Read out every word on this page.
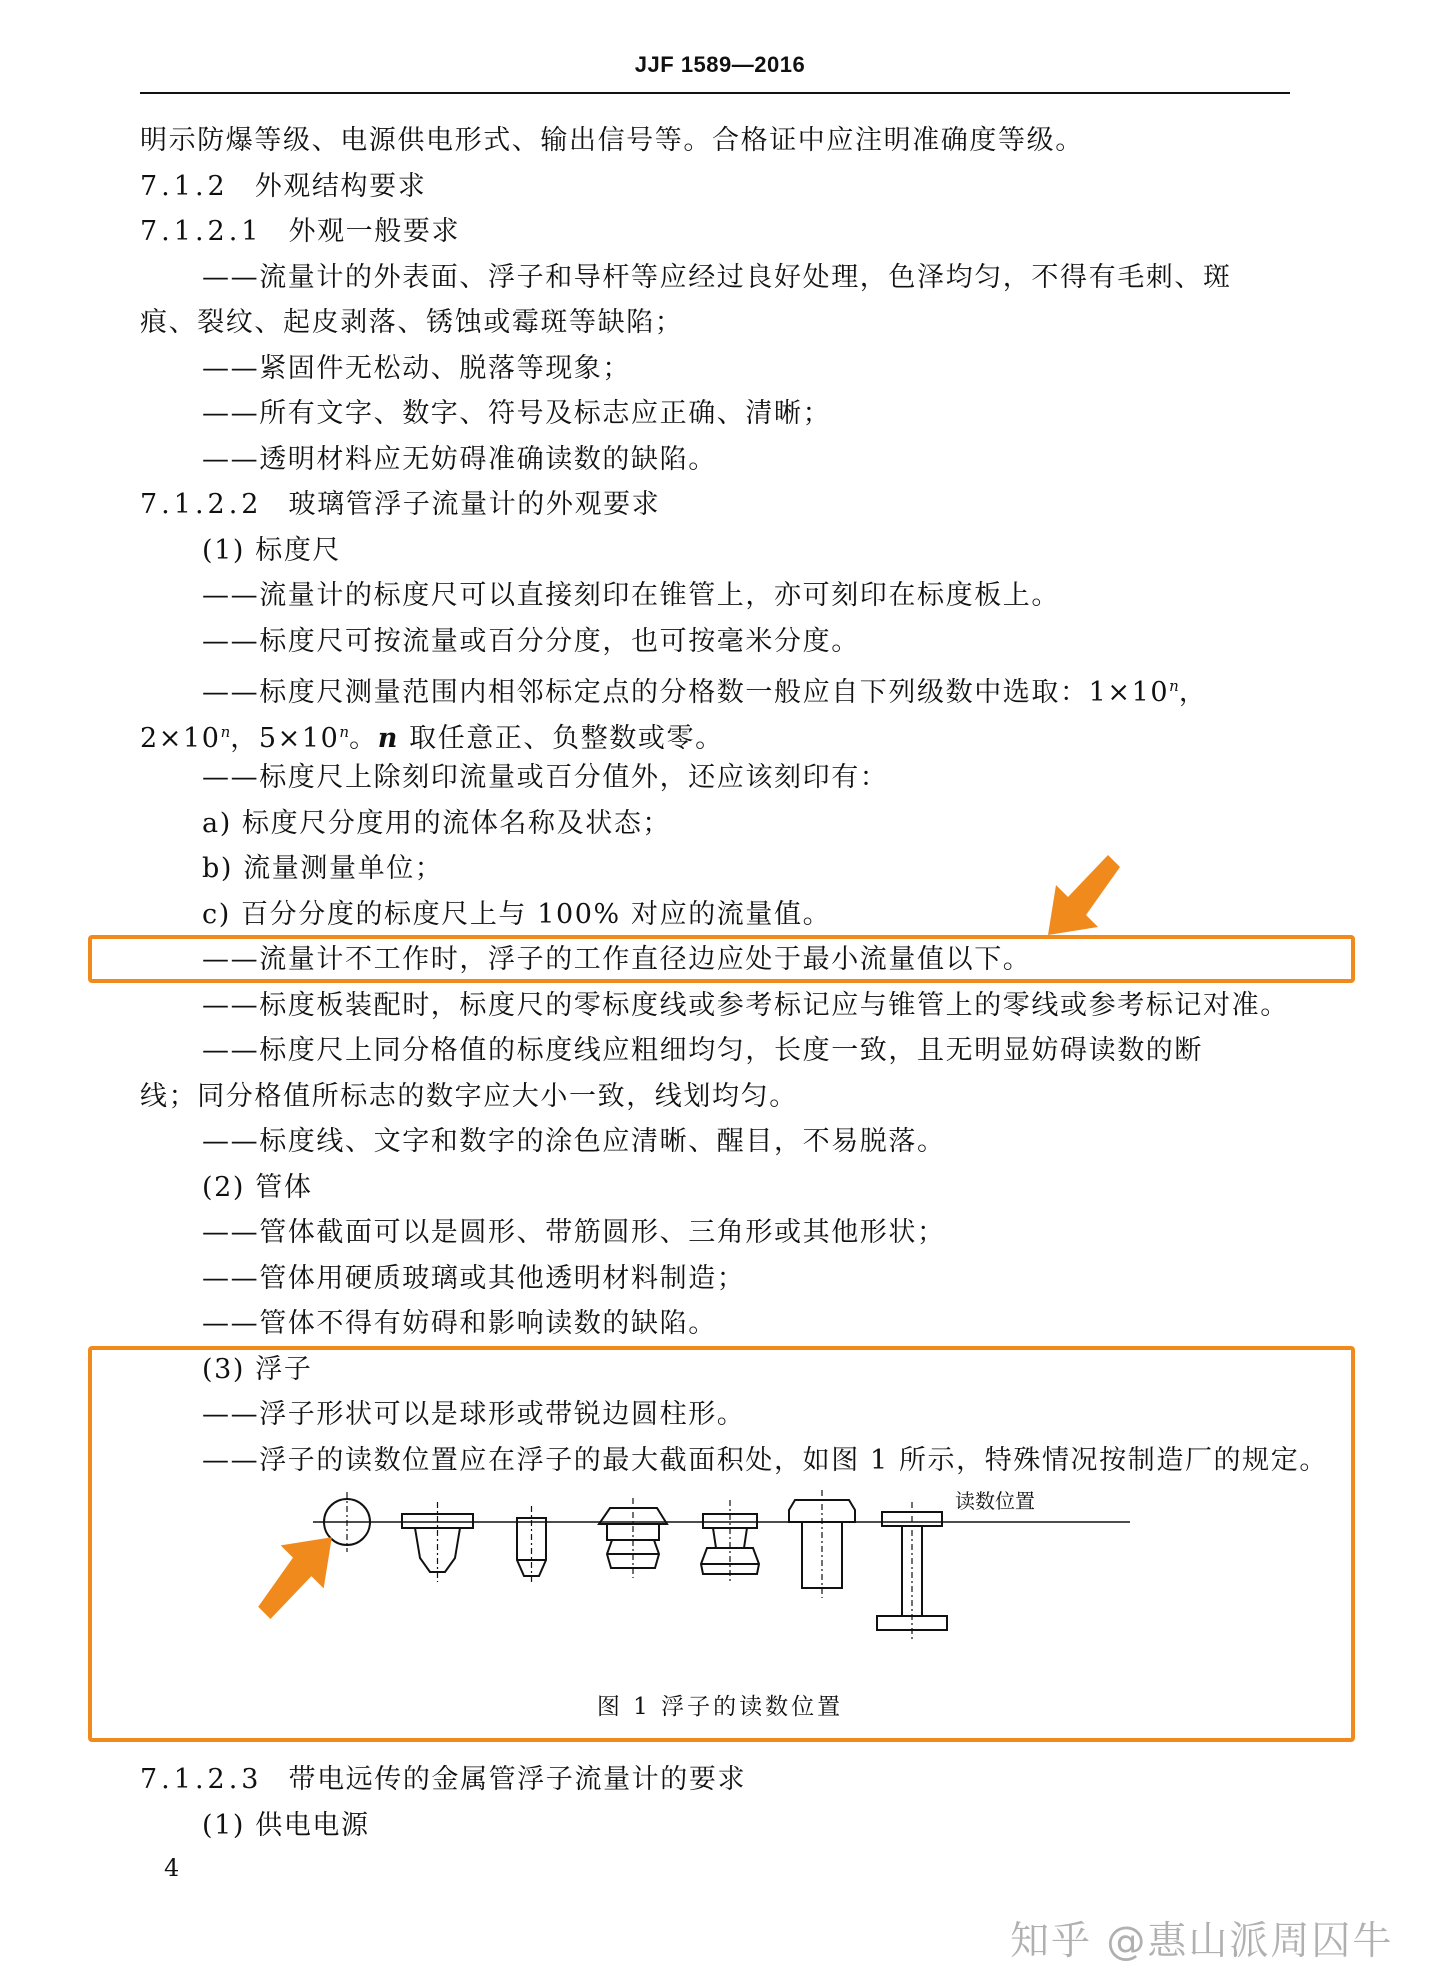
JJF 1589—2016
明示防爆等级、电源供电形式、输出信号等。合格证中应注明准确度等级。
7.1.2 外观结构要求
7.1.2.1 外观一般要求
——流量计的外表面、浮子和导杆等应经过良好处理，色泽均匀，不得有毛刺、斑
痕、裂纹、起皮剥落、锈蚀或霉斑等缺陷；
——紧固件无松动、脱落等现象；
——所有文字、数字、符号及标志应正确、清晰；
——透明材料应无妨碍准确读数的缺陷。
7.1.2.2 玻璃管浮子流量计的外观要求
(1) 标度尺
——流量计的标度尺可以直接刻印在锥管上，亦可刻印在标度板上。
——标度尺可按流量或百分分度，也可按毫米分度。
——标度尺测量范围内相邻标定点的分格数一般应自下列级数中选取：$1\times 10^n$，
$2\times 10^n$，$5\times 10^n$。n 取任意正、负整数或零。
——标度尺上除刻印流量或百分值外，还应该刻印有：
a) 标度尺分度用的流体名称及状态；
b) 流量测量单位；
c) 百分分度的标度尺上与 100% 对应的流量值。
——流量计不工作时，浮子的工作直径边应处于最小流量值以下。
——标度板装配时，标度尺的零标度线或参考标记应与锥管上的零线或参考标记对准。
——标度尺上同分格值的标度线应粗细均匀，长度一致，且无明显妨碍读数的断
线；同分格值所标志的数字应大小一致，线划均匀。
——标度线、文字和数字的涂色应清晰、醒目，不易脱落。
(2) 管体
——管体截面可以是圆形、带筋圆形、三角形或其他形状；
——管体用硬质玻璃或其他透明材料制造；
——管体不得有妨碍和影响读数的缺陷。
(3) 浮子
——浮子形状可以是球形或带锐边圆柱形。
——浮子的读数位置应在浮子的最大截面积处，如图 1 所示，特殊情况按制造厂的规定。
读数位置
图 1 浮子的读数位置
7.1.2.3 带电远传的金属管浮子流量计的要求
(1) 供电电源
4
知乎 @惠山派周囚牛
